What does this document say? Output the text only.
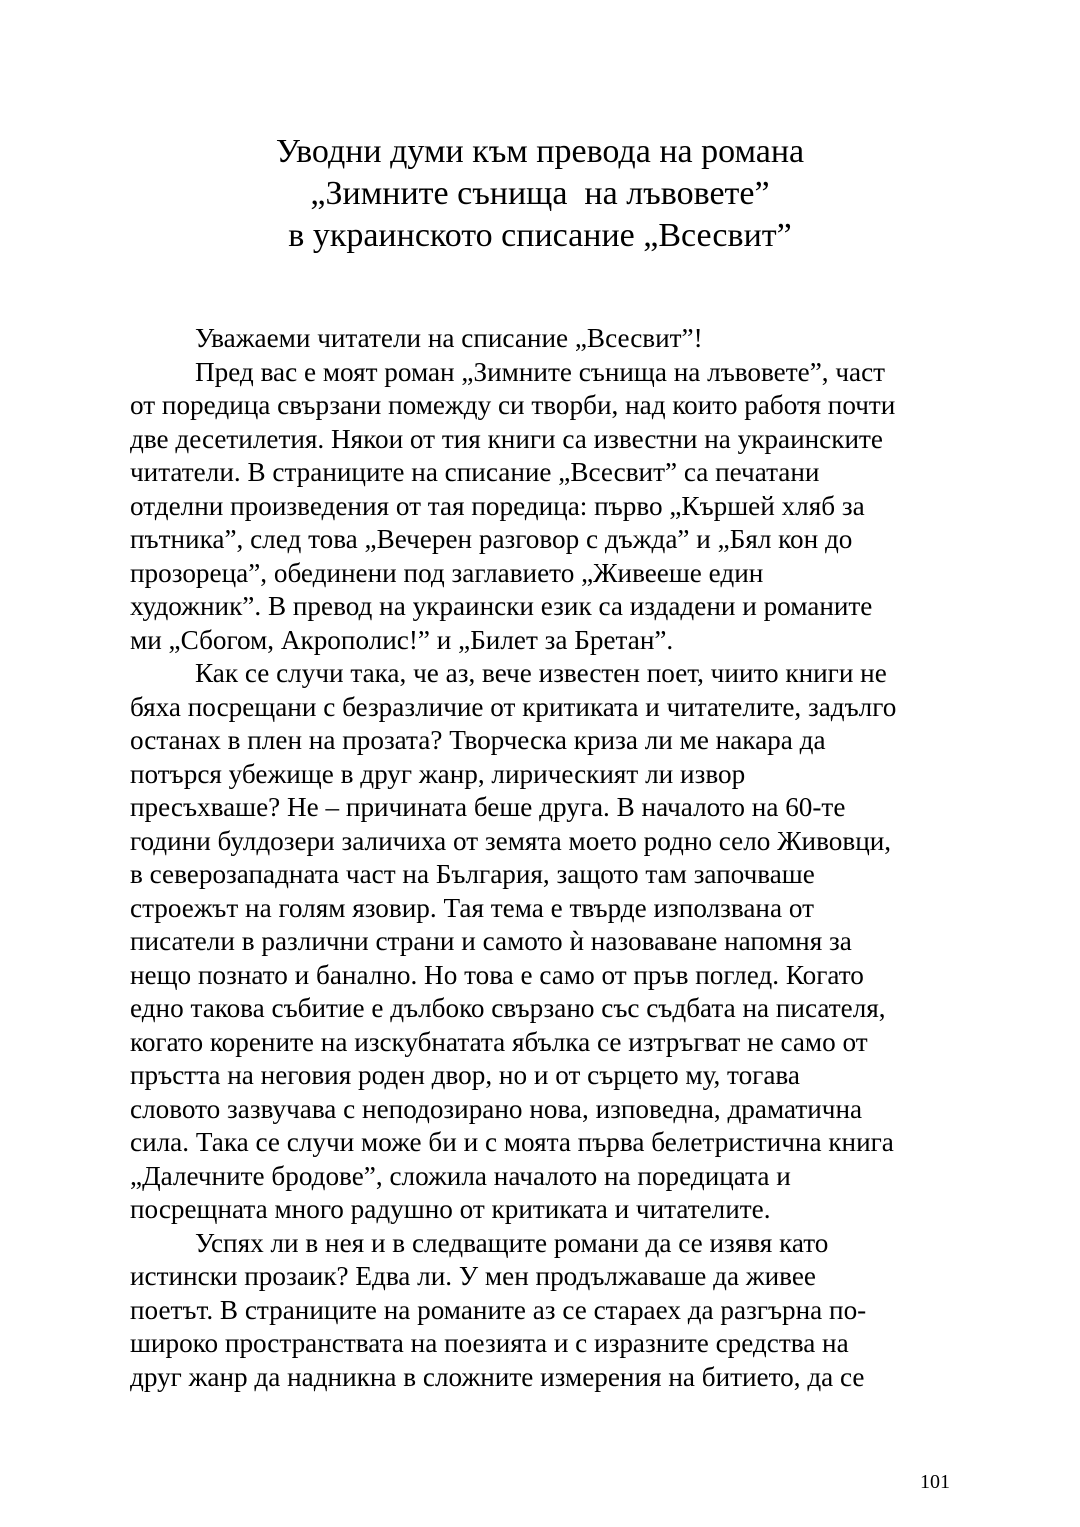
Уводни думи към превода на романа
„Зимните сънища  на лъвовете”
в украинското списание „Всесвит”
Уважаеми читатели на списание „Всесвит”!
Пред вас е моят роман „Зимните сънища на лъвовете”, част
от поредица свързани помежду си творби, над които работя почти
две десетилетия. Някои от тия книги са известни на украинските
читатели. В страниците на списание „Всесвит” са печатани
отделни произведения от тая поредица: първо „Кършей хляб за
пътника”, след това „Вечерен разговор с дъжда” и „Бял кон до
прозореца”, обединени под заглавието „Живееше един
художник”. В превод на украински език са издадени и романите
ми „Сбогом, Акрополис!” и „Билет за Бретан”.
Как се случи така, че аз, вече известен поет, чиито книги не
бяха посрещани с безразличие от критиката и читателите, задълго
останах в плен на прозата? Творческа криза ли ме накара да
потърся убежище в друг жанр, лирическият ли извор
пресъхваше? Не – причината беше друга. В началото на 60-те
години булдозери заличиха от земята моето родно село Живовци,
в северозападната част на България, защото там започваше
строежът на голям язовир. Тая тема е твърде използвана от
писатели в различни страни и самото ѝ назоваване напомня за
нещо познато и банално. Но това е само от пръв поглед. Когато
едно такова събитие е дълбоко свързано със съдбата на писателя,
когато корените на изскубнатата ябълка се изтръгват не само от
пръстта на неговия роден двор, но и от сърцето му, тогава
словото зазвучава с неподозирано нова, изповедна, драматична
сила. Така се случи може би и с моята първа белетристична книга
„Далечните бродове”, сложила началото на поредицата и
посрещната много радушно от критиката и читателите.
Успях ли в нея и в следващите романи да се изявя като
истински прозаик? Едва ли. У мен продължаваше да живее
поетът. В страниците на романите аз се стараех да разгърна по-
широко пространствата на поезията и с изразните средства на
друг жанр да надникна в сложните измерения на битието, да се
101
